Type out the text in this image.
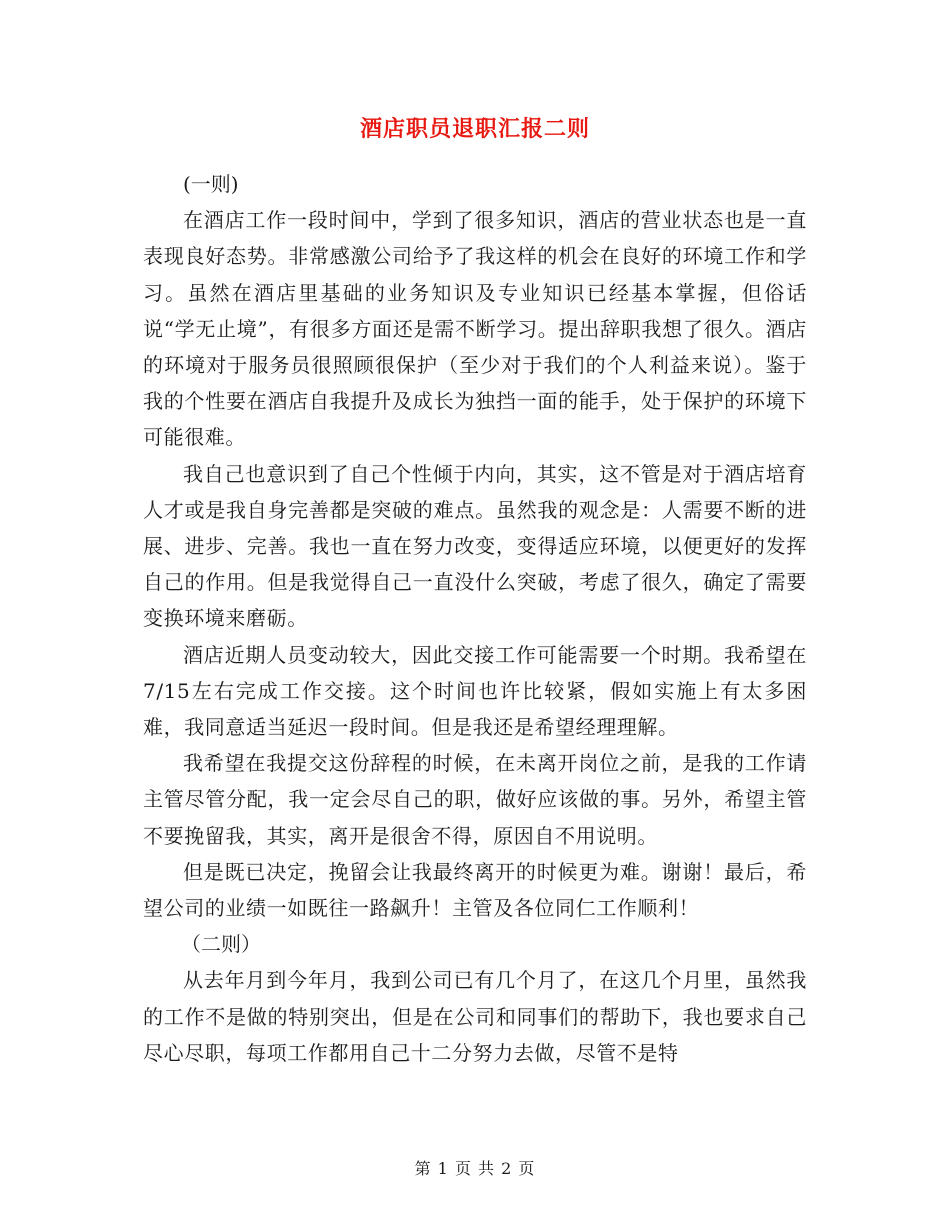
酒店职员退职汇报二则

(一则)

在酒店工作一段时间中，学到了很多知识，酒店的营业状态也是一直表现良好态势。非常感激公司给予了我这样的机会在良好的环境工作和学习。虽然在酒店里基础的业务知识及专业知识已经基本掌握，但俗话说“学无止境”，有很多方面还是需不断学习。提出辞职我想了很久。酒店的环境对于服务员很照顾很保护（至少对于我们的个人利益来说）。鉴于我的个性要在酒店自我提升及成长为独挡一面的能手，处于保护的环境下可能很难。

我自己也意识到了自己个性倾于内向，其实，这不管是对于酒店培育人才或是我自身完善都是突破的难点。虽然我的观念是：人需要不断的进展、进步、完善。我也一直在努力改变，变得适应环境，以便更好的发挥自己的作用。但是我觉得自己一直没什么突破，考虑了很久，确定了需要变换环境来磨砺。

酒店近期人员变动较大，因此交接工作可能需要一个时期。我希望在7/15左右完成工作交接。这个时间也许比较紧，假如实施上有太多困难，我同意适当延迟一段时间。但是我还是希望经理理解。

我希望在我提交这份辞程的时候，在未离开岗位之前，是我的工作请主管尽管分配，我一定会尽自己的职，做好应该做的事。另外，希望主管不要挽留我，其实，离开是很舍不得，原因自不用说明。

但是既已决定，挽留会让我最终离开的时候更为难。谢谢！最后，希望公司的业绩一如既往一路飙升！主管及各位同仁工作顺利！

（二则）

从去年月到今年月，我到公司已有几个月了，在这几个月里，虽然我的工作不是做的特别突出，但是在公司和同事们的帮助下，我也要求自己尽心尽职，每项工作都用自己十二分努力去做，尽管不是特

第 1 页 共 2 页
